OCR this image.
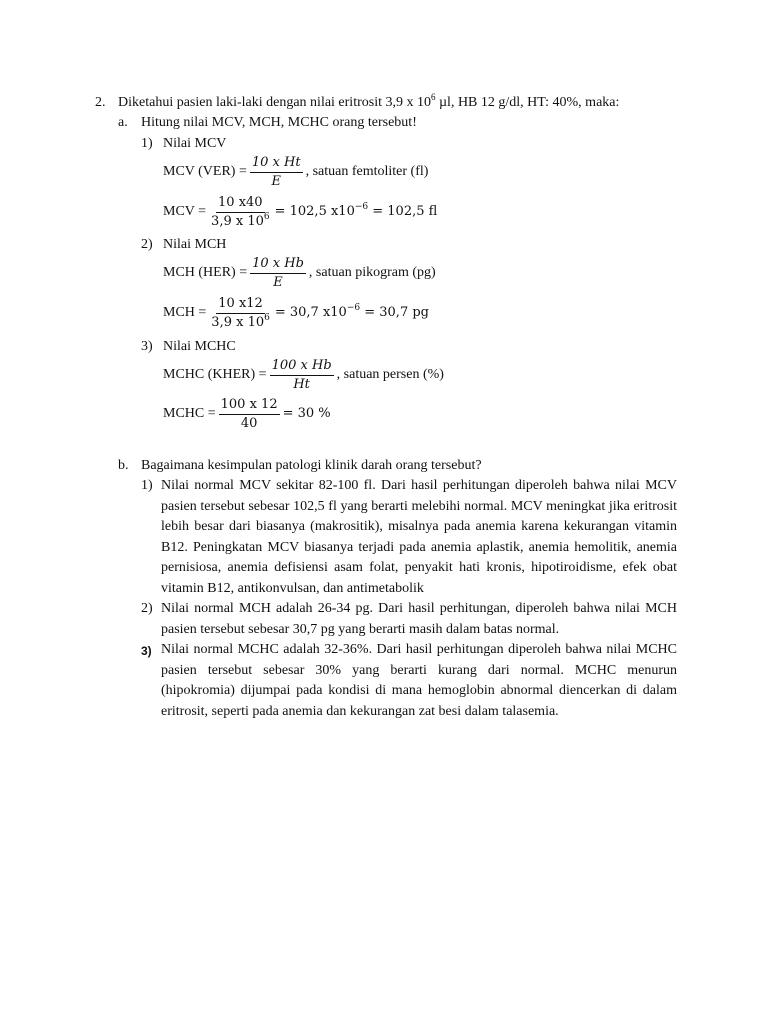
2. Diketahui pasien laki-laki dengan nilai eritrosit 3,9 x $10^6$ µl, HB 12 g/dl, HT: 40%, maka:
a. Hitung nilai MCV, MCH, MCHC orang tersebut!
1) Nilai MCV
MCV $(VER) = \frac{\text{10 x Ht}}{E}$ , satuan femtoliter (fl)
MCV = $\frac{10 x40}{3,9 x 10^6} = 102,5$ $x10^{-6} = 102,5$ fl
2) Nilai MCH
MCH $(HER) = \frac{\text{10 x Hb}}{E}$ , satuan pikogram (pg)
MCH = $\frac{10 x12}{3,9 x 10^6} = 30,7$ $x10^{-6} = 30,7$ pg
3) Nilai MCHC
MCHC (KHER) = $\frac{\text{100 x Hb}}{Ht}$ , satuan persen (%)
MCHC = $\frac{100 x 12}{40} = 30$ %
b. Bagaimana kesimpulan patologi klinik darah orang tersebut?
1) Nilai normal MCV sekitar 82-100 fl. Dari hasil perhitungan diperoleh bahwa nilai MCV pasien tersebut sebesar 102,5 fl yang berarti melebihi normal. MCV meningkat jika eritrosit lebih besar dari biasanya (makrositik), misalnya pada anemia karena kekurangan vitamin B12. Peningkatan MCV biasanya terjadi pada anemia aplastik, anemia hemolitik, anemia pernisiosa, anemia defisiensi asam folat, penyakit hati kronis, hipotiroidisme, efek obat vitamin B12, antikonvulsan, dan antimetabolik
2) Nilai normal MCH adalah 26-34 pg. Dari hasil perhitungan, diperoleh bahwa nilai MCH pasien tersebut sebesar 30,7 pg yang berarti masih dalam batas normal.
3) Nilai normal MCHC adalah 32-36%. Dari hasil perhitungan diperoleh bahwa nilai MCHC pasien tersebut sebesar 30% yang berarti kurang dari normal. MCHC menurun (hipokromia) dijumpai pada kondisi di mana hemoglobin abnormal diencerkan di dalam eritrosit, seperti pada anemia dan kekurangan zat besi dalam talasemia.
